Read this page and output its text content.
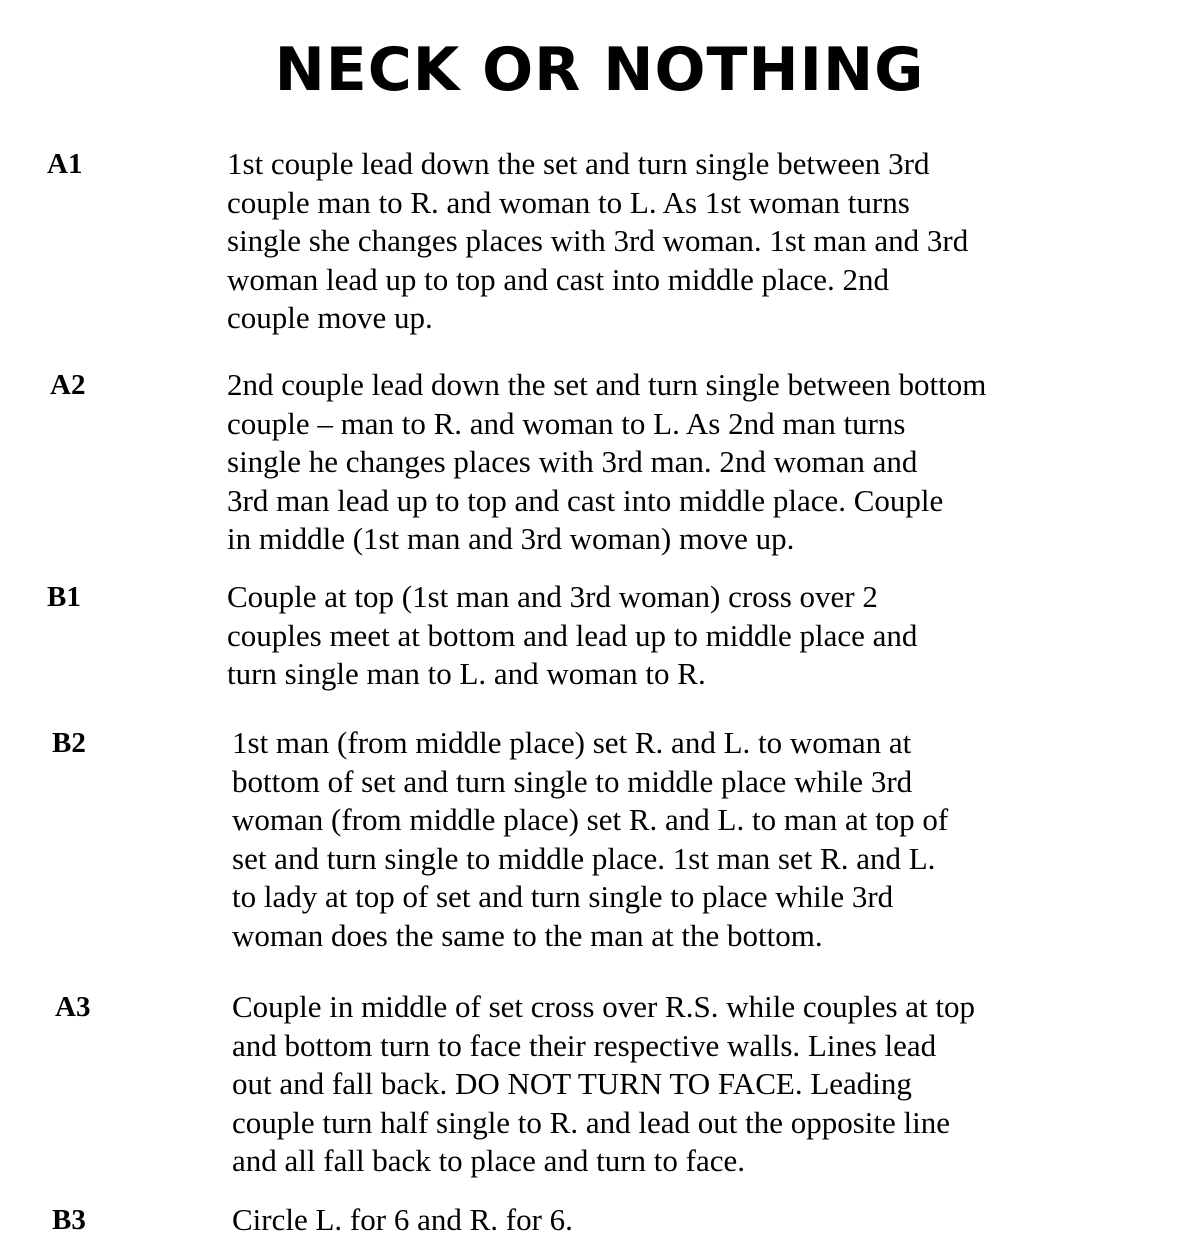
NECK OR NOTHING
A1	1st couple lead down the set and turn single between 3rd
couple man to R. and woman to L. As 1st woman turns
single she changes places with 3rd woman. 1st man and 3rd
woman lead up to top and cast into middle place. 2nd
couple move up.
A2	2nd couple lead down the set and turn single between bottom
couple – man to R. and woman to L. As 2nd man turns
single he changes places with 3rd man. 2nd woman and
3rd man lead up to top and cast into middle place. Couple
in middle (1st man and 3rd woman) move up.
B1	Couple at top (1st man and 3rd woman) cross over 2
couples meet at bottom and lead up to middle place and
turn single man to L. and woman to R.
B2	1st man (from middle place) set R. and L. to woman at
bottom of set and turn single to middle place while 3rd
woman (from middle place) set R. and L. to man at top of
set and turn single to middle place. 1st man set R. and L.
to lady at top of set and turn single to place while 3rd
woman does the same to the man at the bottom.
A3	Couple in middle of set cross over R.S. while couples at top
and bottom turn to face their respective walls. Lines lead
out and fall back. DO NOT TURN TO FACE. Leading
couple turn half single to R. and lead out the opposite line
and all fall back to place and turn to face.
B3	Circle L. for 6 and R. for 6.
